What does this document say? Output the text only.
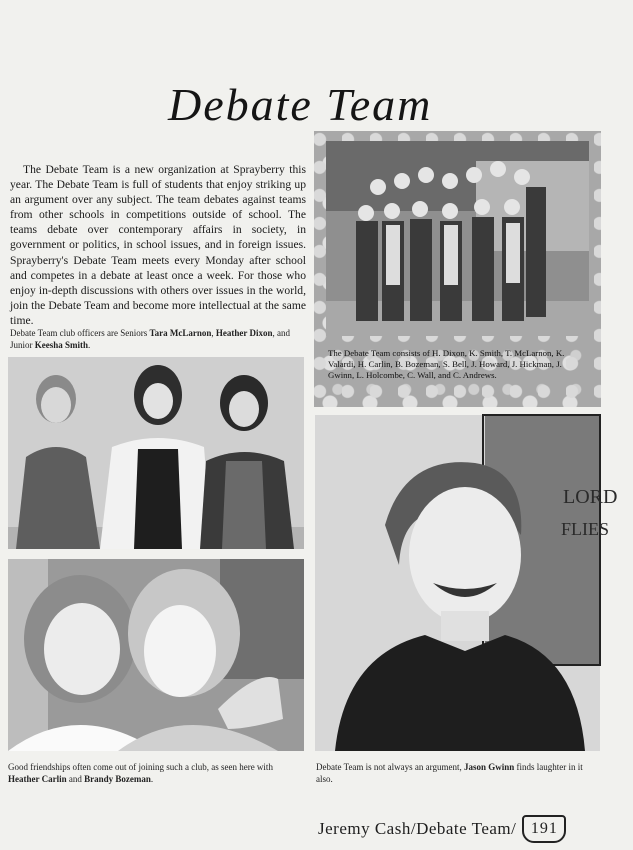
Debate Team

The Debate Team is a new organization at Sprayberry this year. The Debate Team is full of students that enjoy striking up an argument over any subject. The team debates against teams from other schools in competitions outside of school. The teams debate over contemporary affairs in society, in government or politics, in school issues, and in foreign issues. Sprayberry's Debate Team meets every Monday after school and competes in a debate at least once a week. For those who enjoy in-depth discussions with others over issues in the world, join the Debate Team and become more intellectual at the same time.

Debate Team club officers are Seniors Tara McLarnon, Heather Dixon, and Junior Keesha Smith.

Good friendships often come out of joining such a club, as seen here with Heather Carlin and Brandy Bozeman.

The Debate Team consists of H. Dixon, K. Smith, T. McLarnon, K. Valardi, H. Carlin, B. Bozeman, S. Bell, J. Howard, J. Hickman, J. Gwinn, L. Holcombe, C. Wall, and C. Andrews.

LORD
FLIES

Debate Team is not always an argument, Jason Gwinn finds laughter in it also.

Jeremy Cash/Debate Team/ 191
